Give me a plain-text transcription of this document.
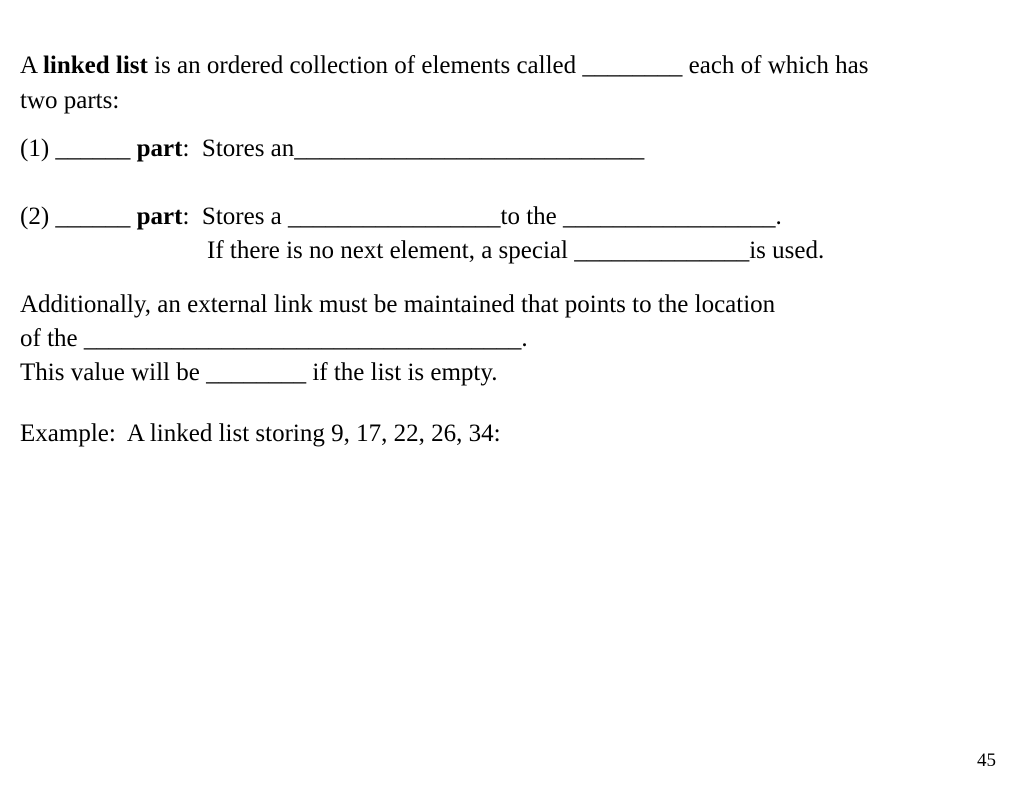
A linked list is an ordered collection of elements called ________ each of which has
two parts:
(1) ______ part:  Stores an____________________________
(2) ______ part:  Stores a _________________to the _________________.
If there is no next element, a special ______________is used.
Additionally, an external link must be maintained that points to the location
of the ___________________________________.
This value will be ________ if the list is empty.
Example:  A linked list storing 9, 17, 22, 26, 34:
45
